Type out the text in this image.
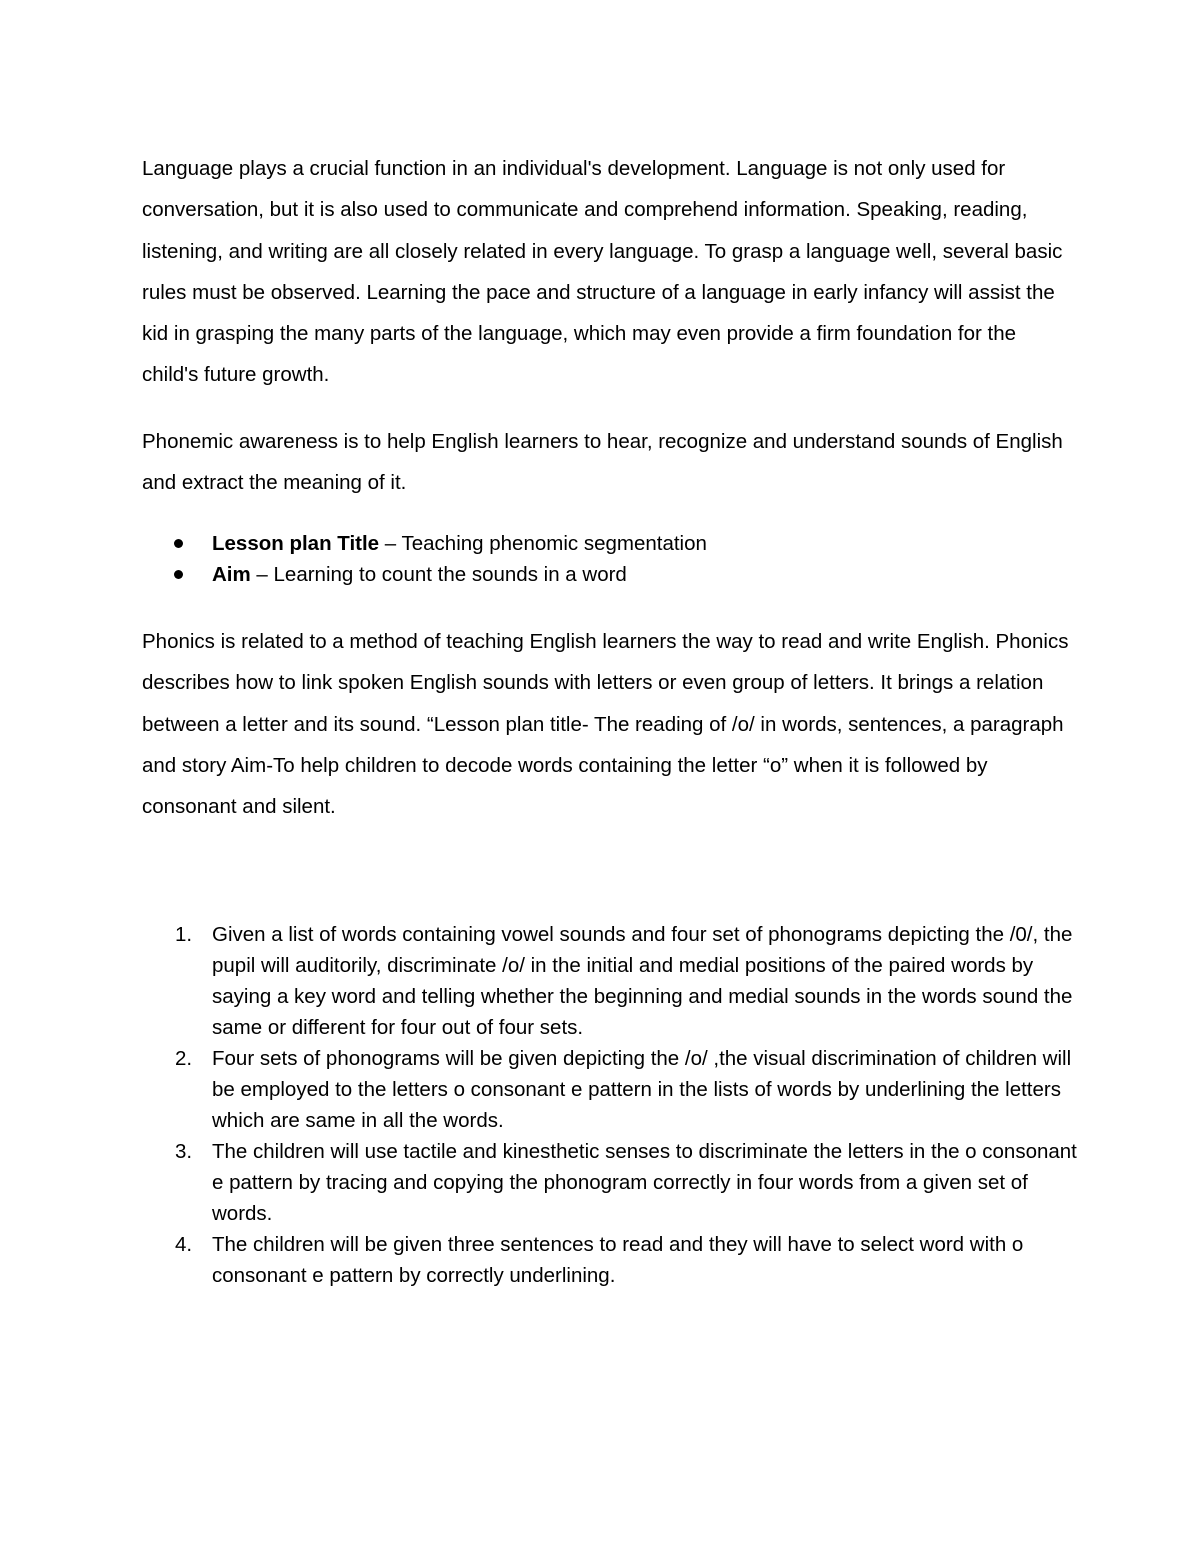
Language plays a crucial function in an individual's development. Language is not only used for conversation, but it is also used to communicate and comprehend information. Speaking, reading, listening, and writing are all closely related in every language. To grasp a language well, several basic rules must be observed. Learning the pace and structure of a language in early infancy will assist the kid in grasping the many parts of the language, which may even provide a firm foundation for the child's future growth.

Phonemic awareness is to help English learners to hear, recognize and understand sounds of English and extract the meaning of it.

Lesson plan Title – Teaching phenomic segmentation
Aim – Learning to count the sounds in a word

Phonics is related to a method of teaching English learners the way to read and write English. Phonics describes how to link spoken English sounds with letters or even group of letters. It brings a relation between a letter and its sound. “Lesson plan title- The reading of /o/ in words, sentences, a paragraph and story Aim-To help children to decode words containing the letter “o” when it is followed by consonant and silent.

1. Given a list of words containing vowel sounds and four set of phonograms depicting the /0/, the pupil will auditorily, discriminate /o/ in the initial and medial positions of the paired words by saying a key word and telling whether the beginning and medial sounds in the words sound the same or different for four out of four sets.
2. Four sets of phonograms will be given depicting the /o/ ,the visual discrimination of children will be employed to the letters o consonant e pattern in the lists of words by underlining the letters which are same in all the words.
3. The children will use tactile and kinesthetic senses to discriminate the letters in the o consonant e pattern by tracing and copying the phonogram correctly in four words from a given set of words.
4. The children will be given three sentences to read and they will have to select word with o consonant e pattern by correctly underlining.
